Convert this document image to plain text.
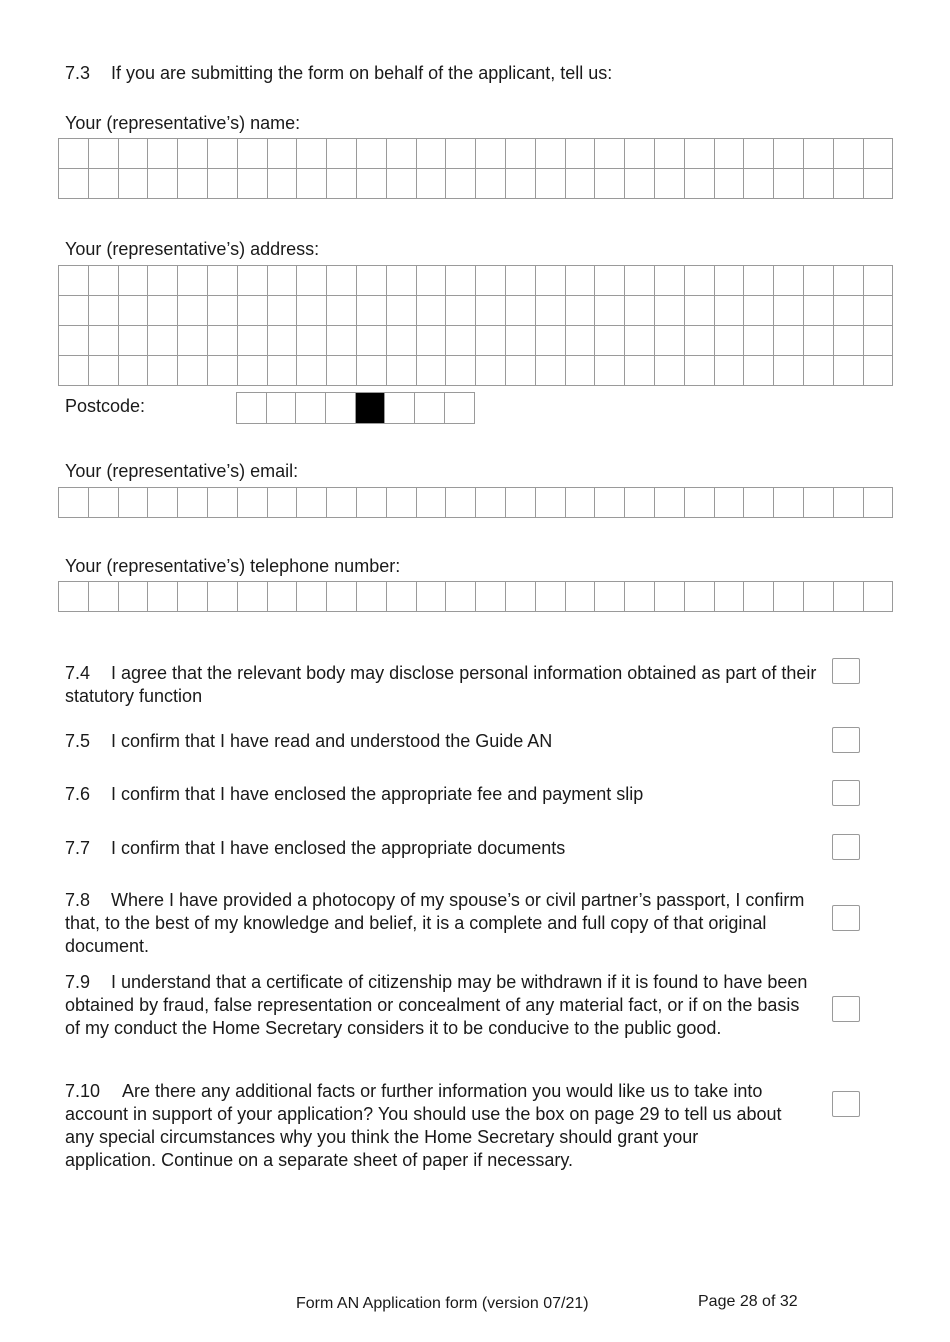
7.3 If you are submitting the form on behalf of the applicant, tell us:
Your (representative’s) name:
Your (representative’s) address:
Postcode:
Your (representative’s) email:
Your (representative’s) telephone number:
7.4 I agree that the relevant body may disclose personal information obtained as part of their statutory function
7.5 I confirm that I have read and understood the Guide AN
7.6 I confirm that I have enclosed the appropriate fee and payment slip
7.7 I confirm that I have enclosed the appropriate documents
7.8 Where I have provided a photocopy of my spouse’s or civil partner’s passport, I confirm that, to the best of my knowledge and belief, it is a complete and full copy of that original document.
7.9 I understand that a certificate of citizenship may be withdrawn if it is found to have been obtained by fraud, false representation or concealment of any material fact, or if on the basis of my conduct the Home Secretary considers it to be conducive to the public good.
7.10 Are there any additional facts or further information you would like us to take into account in support of your application? You should use the box on page 29 to tell us about any special circumstances why you think the Home Secretary should grant your application. Continue on a separate sheet of paper if necessary.
Form AN Application form (version 07/21)	Page 28 of 32
